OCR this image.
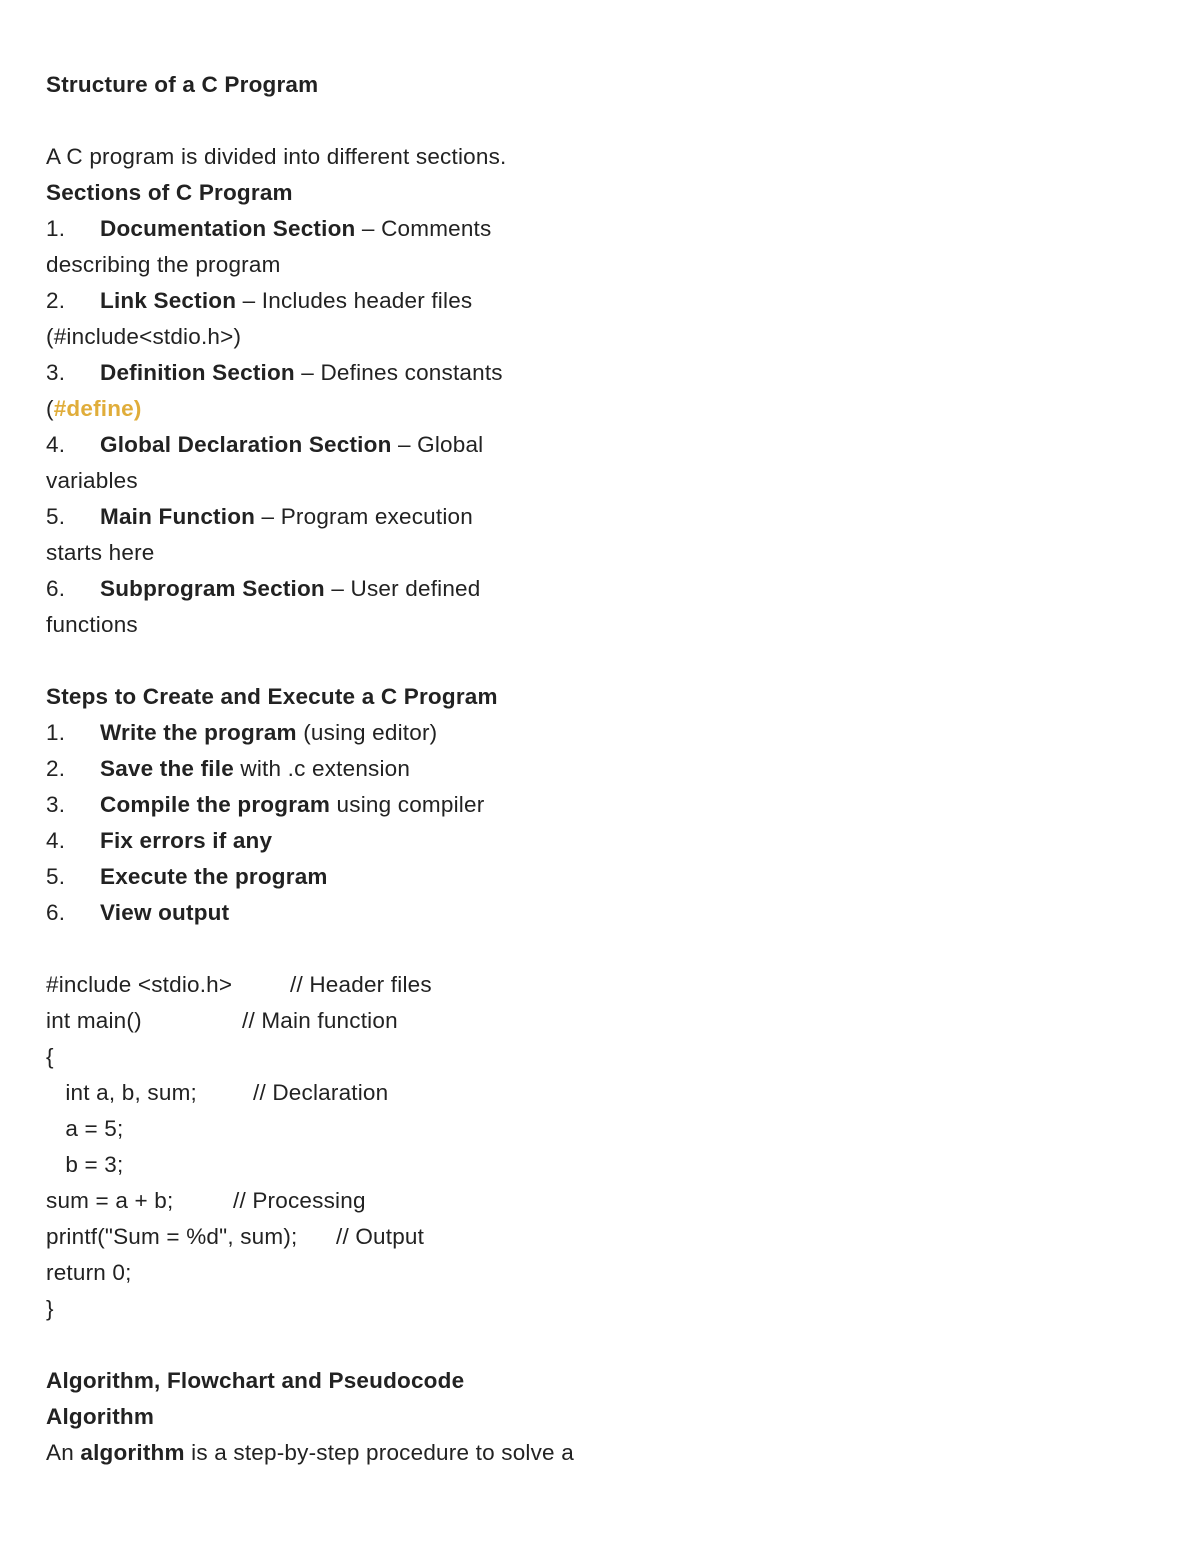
Structure of a C Program
A C program is divided into different sections.
Sections of C Program
1. Documentation Section – Comments
describing the program
2. Link Section – Includes header files
(#include<stdio.h>)
3. Definition Section – Defines constants
(#define)
4. Global Declaration Section – Global
variables
5. Main Function – Program execution
starts here
6. Subprogram Section – User defined
functions
Steps to Create and Execute a C Program
1. Write the program (using editor)
2. Save the file with .c extension
3. Compile the program using compiler
4. Fix errors if any
5. Execute the program
6. View output
#include <stdio.h>	// Header files
int main()	// Main function
{
int a, b, sum; // Declaration
a = 5;
b = 3;
sum = a + b;	// Processing
printf("Sum = %d", sum); // Output
return 0;
}
Algorithm, Flowchart and Pseudocode
Algorithm
An algorithm is a step-by-step procedure to solve a
